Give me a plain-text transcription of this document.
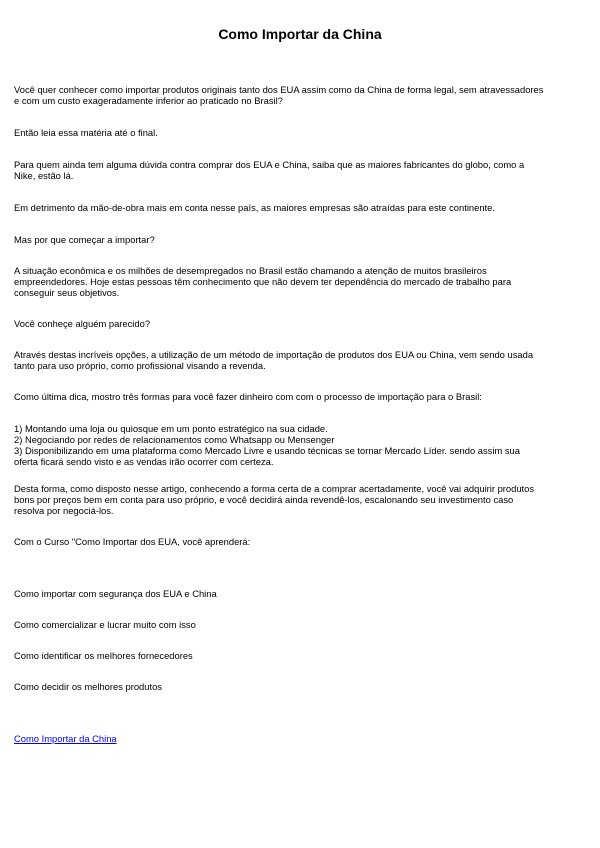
Como Importar da China

Você quer conhecer como importar produtos originais tanto dos EUA assim como da China de forma legal, sem atravessadores
e com um custo exageradamente inferior ao praticado no Brasil?

Então leia essa matéria até o final.

Para quem ainda tem alguma dúvida contra comprar dos EUA e China, saiba que as maiores fabricantes do globo, como a
Nike, estão lá.

Em detrimento da mão-de-obra mais em conta nesse país, as maiores empresas são atraídas para este continente.

Mas por que começar a importar?

A situação econômica e os milhões de desempregados no Brasil estão chamando a atenção de muitos brasileiros
empreendedores. Hoje estas pessoas têm conhecimento que não devem ter dependência do mercado de trabalho para
conseguir seus objetivos.

Você conheçe alguém parecido?

Através destas incríveis opções, a utilização de um método de importação de produtos dos EUA ou China, vem sendo usada
tanto para uso próprio, como profissional visando a revenda.

Como última dica, mostro três formas para você fazer dinheiro com com o processo de importação para o Brasil:

1) Montando uma loja ou quiosque em um ponto estratégico na sua cidade.
2) Negociando por redes de relacionamentos como Whatsapp ou Mensenger
3) Disponibilizando em uma plataforma como Mercado Livre e usando técnicas se tornar Mercado Líder. sendo assim sua
oferta ficará sendo visto e as vendas irão ocorrer com certeza.

Desta forma, como disposto nesse artigo, conhecendo a forma certa de a comprar acertadamente, você vai adquirir produtos
bons por preços bem em conta para uso próprio, e você decidirá ainda revendê-los, escalonando seu investimento caso
resolva por negociá-los.

Com o Curso "Como Importar dos EUA, você aprenderá:

Como importar com segurança dos EUA e China

Como comercializar e lucrar muito com isso

Como identificar os melhores fornecedores

Como decidir os melhores produtos

Como Importar da China
